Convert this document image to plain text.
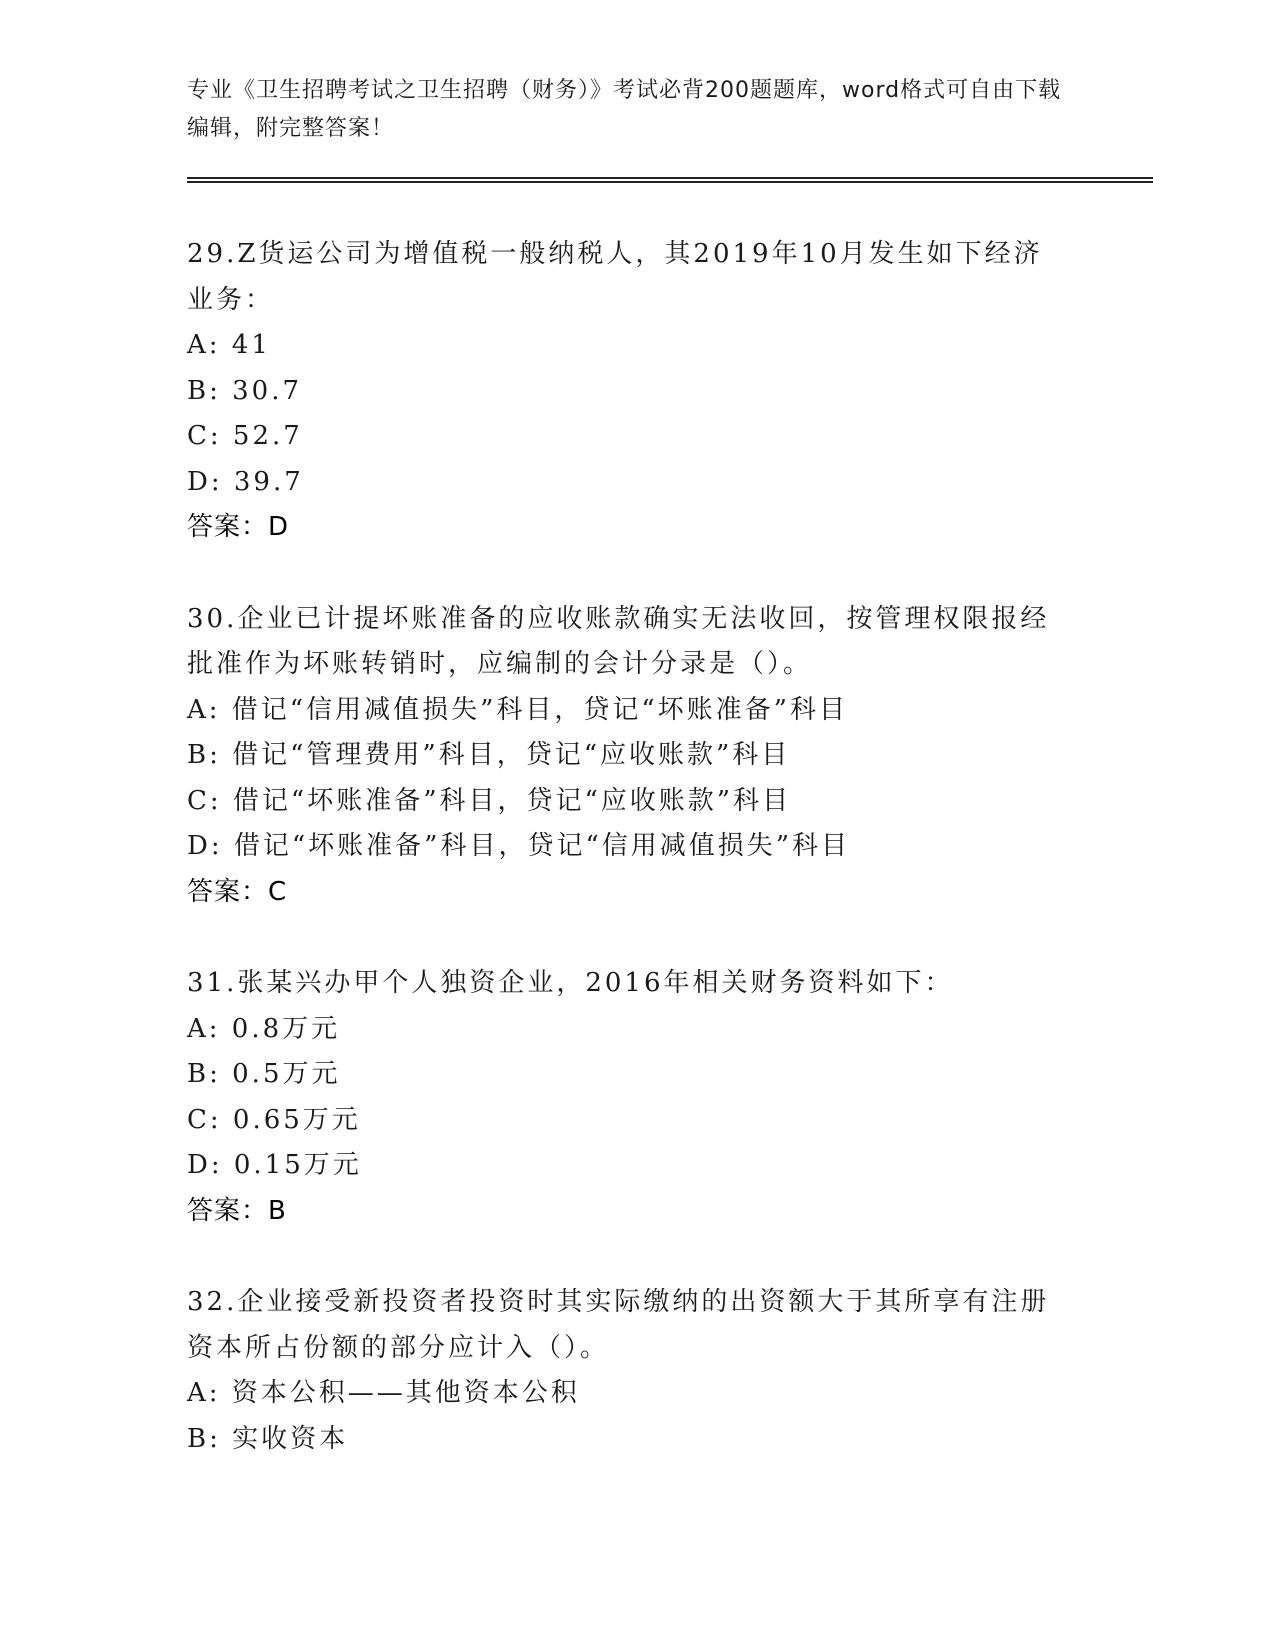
专业《卫生招聘考试之卫生招聘（财务）》考试必背200题题库，word格式可自由下载编辑，附完整答案！

29.Z货运公司为增值税一般纳税人，其2019年10月发生如下经济业务：

A: 41

B: 30.7

C: 52.7

D: 39.7

答案：D

30.企业已计提坏账准备的应收账款确实无法收回，按管理权限报经批准作为坏账转销时，应编制的会计分录是（）。

A: 借记“信用减值损失”科目，贷记“坏账准备”科目

B: 借记“管理费用”科目，贷记“应收账款”科目

C: 借记“坏账准备”科目，贷记“应收账款”科目

D: 借记“坏账准备”科目，贷记“信用减值损失”科目

答案：C

31.张某兴办甲个人独资企业，2016年相关财务资料如下：

A: 0.8万元

B: 0.5万元

C: 0.65万元

D: 0.15万元

答案：B

32.企业接受新投资者投资时其实际缴纳的出资额大于其所享有注册资本所占份额的部分应计入（）。

A: 资本公积——其他资本公积

B: 实收资本
